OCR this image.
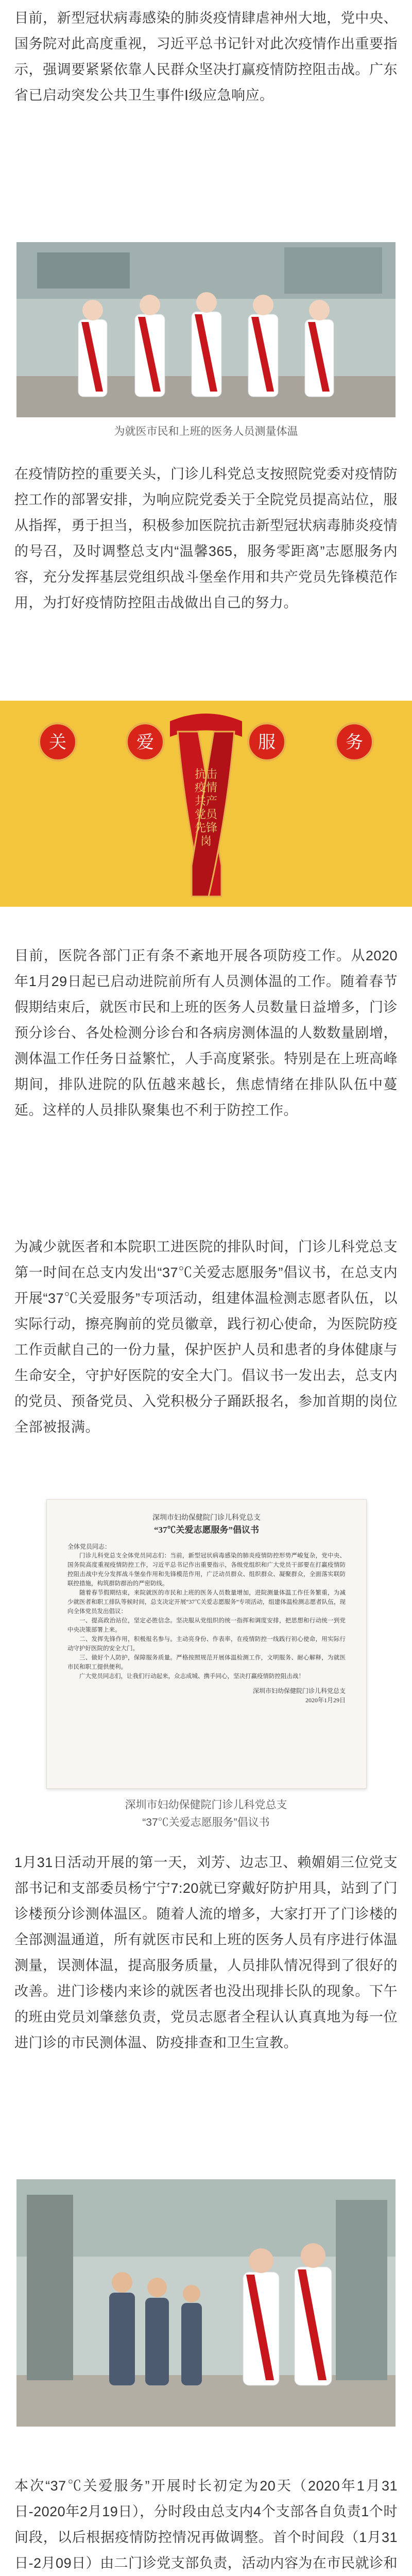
目前，新型冠状病毒感染的肺炎疫情肆虐神州大地，党中央、国务院对此高度重视，习近平总书记针对此次疫情作出重要指示，强调要紧紧依靠人民群众坚决打赢疫情防控阻击战。广东省已启动突发公共卫生事件Ⅰ级应急响应。

为就医市民和上班的医务人员测量体温

在疫情防控的重要关头，门诊儿科党总支按照院党委对疫情防控工作的部署安排，为响应院党委关于全院党员提高站位，服从指挥，勇于担当，积极参加医院抗击新型冠状病毒肺炎疫情的号召，及时调整总支内“温馨365，服务零距离”志愿服务内容，充分发挥基层党组织战斗堡垒作用和共产党员先锋模范作用，为打好疫情防控阻击战做出自己的努力。

关	爱	服	务
抗击疫情
共产党员
先锋岗

目前，医院各部门正有条不紊地开展各项防疫工作。从2020年1月29日起已启动进院前所有人员测体温的工作。随着春节假期结束后，就医市民和上班的医务人员数量日益增多，门诊预分诊台、各处检测分诊台和各病房测体温的人数数量剧增，测体温工作任务日益繁忙，人手高度紧张。特别是在上班高峰期间，排队进院的队伍越来越长，焦虑情绪在排队队伍中蔓延。这样的人员排队聚集也不利于防控工作。

为减少就医者和本院职工进医院的排队时间，门诊儿科党总支第一时间在总支内发出“37℃关爱志愿服务”倡议书，在总支内开展“37℃关爱服务”专项活动，组建体温检测志愿者队伍，以实际行动，擦亮胸前的党员徽章，践行初心使命，为医院防疫工作贡献自己的一份力量，保护医护人员和患者的身体健康与生命安全，守护好医院的安全大门。倡议书一发出去，总支内的党员、预备党员、入党积极分子踊跃报名，参加首期的岗位全部被报满。

深圳市妇幼保健院门诊儿科党总支
“37℃关爱志愿服务”倡议书
全体党员同志：
门诊儿科党总支全体党员同志们：当前，新型冠状病毒感染的肺炎疫情防控形势严峻复杂，党中央、国务院高度重视疫情防控工作，习近平总书记作出重要指示，各级党组织和广大党员干部要在打赢疫情防控阻击战中充分发挥战斗堡垒作用和先锋模范作用，广泛动员群众、组织群众、凝聚群众，全面落实联防联控措施，构筑群防群治的严密防线。
随着春节假期结束，来院就医的市民和上班的医务人员数量增加，进院测量体温工作任务繁重，为减少就医者和职工排队等候时间，总支决定开展“37℃关爱志愿服务”专项活动，组建体温检测志愿者队伍，现向全体党员发出倡议：
一、提高政治站位，坚定必胜信念。坚决服从党组织的统一指挥和调度安排，把思想和行动统一到党中央决策部署上来。
二、发挥先锋作用，积极报名参与。主动亮身份、作表率，在疫情防控一线践行初心使命，用实际行动守护好医院的安全大门。
三、做好个人防护，保障服务质量。严格按照规范开展体温检测工作，文明服务、耐心解释，为就医市民和职工提供便利。
广大党员同志们，让我们行动起来，众志成城、携手同心，坚决打赢疫情防控阻击战！
深圳市妇幼保健院门诊儿科党总支
2020年1月29日

深圳市妇幼保健院门诊儿科党总支

“37℃关爱志愿服务”倡议书

1月31日活动开展的第一天，刘芳、边志卫、赖媚娟三位党支部书记和支部委员杨宁宁7:20就已穿戴好防护用具，站到了门诊楼预分诊测体温区。随着人流的增多，大家打开了门诊楼的全部测温通道，所有就医市民和上班的医务人员有序进行体温测量，误测体温，提高服务质量，人员排队情况得到了很好的改善。进门诊楼内来诊的就医者也没出现排长队的现象。下午的班由党员刘肇慈负责，党员志愿者全程认认真真地为每一位进门诊的市民测体温、防疫排查和卫生宣教。

本次“37℃关爱服务”开展时长初定为20天（2020年1月31日-2020年2月19日），分时段由总支内4个支部各自负责1个时间段，以后根据疫情防控情况再做调整。首个时间段（1月31日-2月09日）由二门诊党支部负责，活动内容为在市民就诊和
